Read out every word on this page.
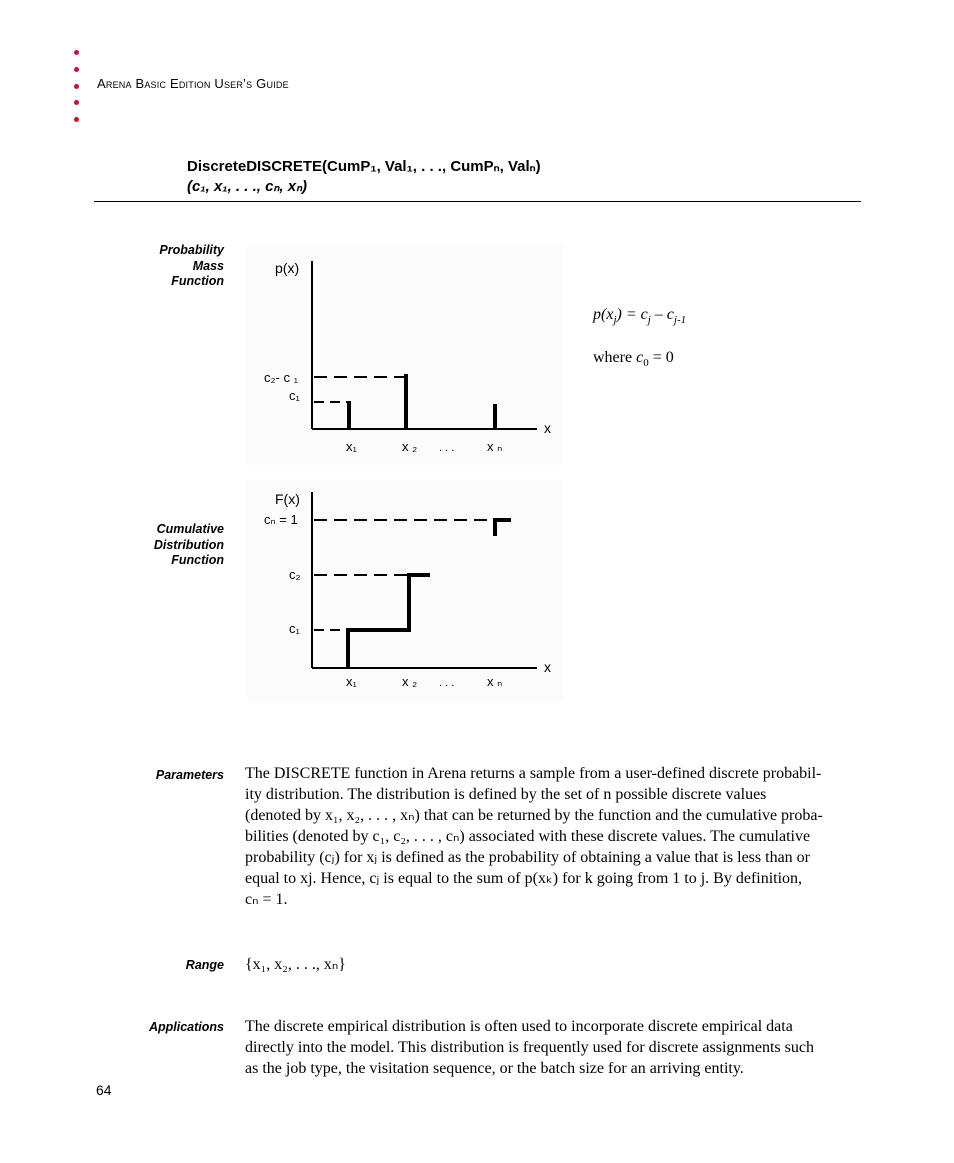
Arena Basic Edition User’s Guide
DiscreteDISCRETE(CumP₁, Val₁, . . ., CumPₙ, Valₙ)
(c₁, x₁, . . ., cₙ, xₙ)
Probability
Mass
Function
p(x)
x
c₂- c ₁
c₁
x₁	x ₂ . . .	x ₙ
$p(x_j) = c_j - c_{j-1}$
where $c_0 = 0$
Cumulative
Distribution
Function
F(x)
x
cₙ = 1
c₂
c₁
x₁	x ₂ . . .	x ₙ
Parameters The DISCRETE function in Arena returns a sample from a user-defined discrete probabil-
ity distribution. The distribution is defined by the set of n possible discrete values
(denoted by x₁, x₂, . . . , xₙ) that can be returned by the function and the cumulative proba-
bilities (denoted by c₁, c₂, . . . , cₙ) associated with these discrete values. The cumulative
probability (cⱼ) for xⱼ is defined as the probability of obtaining a value that is less than or
equal to xj. Hence, cⱼ is equal to the sum of p(xₖ) for k going from 1 to j. By definition,
cₙ = 1.
Range {x₁, x₂, . . ., xₙ}
Applications The discrete empirical distribution is often used to incorporate discrete empirical data
directly into the model. This distribution is frequently used for discrete assignments such
as the job type, the visitation sequence, or the batch size for an arriving entity.
64
